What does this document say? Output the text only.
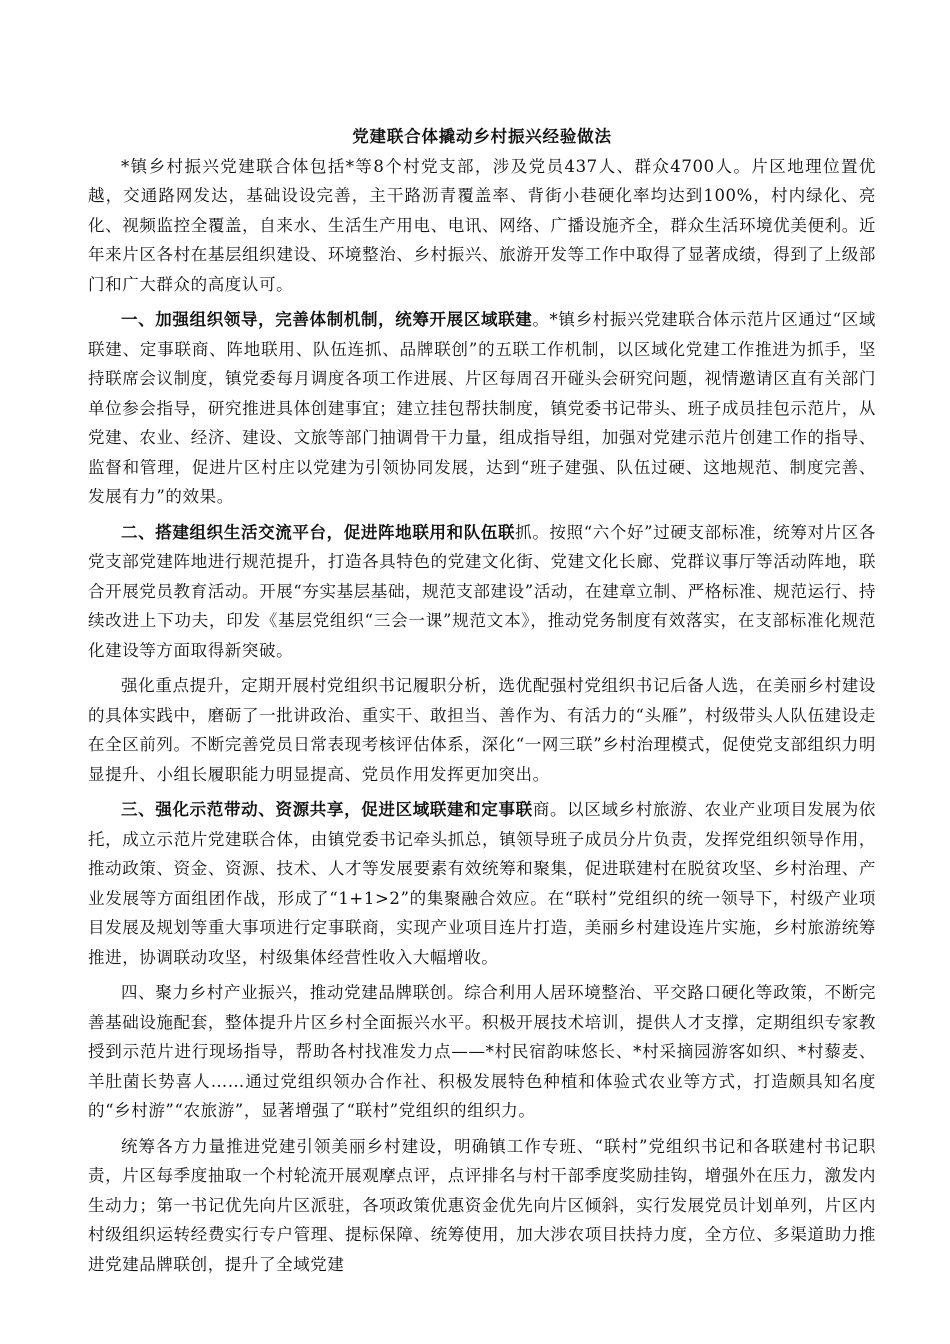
党建联合体撬动乡村振兴经验做法

*镇乡村振兴党建联合体包括*等8个村党支部，涉及党员437人、群众4700人。片区地理位置优越，交通路网发达，基础设设完善，主干路沥青覆盖率、背街小巷硬化率均达到100%，村内绿化、亮化、视频监控全覆盖，自来水、生活生产用电、电讯、网络、广播设施齐全，群众生活环境优美便利。近年来片区各村在基层组织建设、环境整治、乡村振兴、旅游开发等工作中取得了显著成绩，得到了上级部门和广大群众的高度认可。

一、加强组织领导，完善体制机制，统筹开展区域联建。*镇乡村振兴党建联合体示范片区通过“区域联建、定事联商、阵地联用、队伍连抓、品牌联创”的五联工作机制，以区域化党建工作推进为抓手，坚持联席会议制度，镇党委每月调度各项工作进展、片区每周召开碰头会研究问题，视情邀请区直有关部门单位参会指导，研究推进具体创建事宜；建立挂包帮扶制度，镇党委书记带头、班子成员挂包示范片，从党建、农业、经济、建设、文旅等部门抽调骨干力量，组成指导组，加强对党建示范片创建工作的指导、监督和管理，促进片区村庄以党建为引领协同发展，达到“班子建强、队伍过硬、这地规范、制度完善、发展有力”的效果。

二、搭建组织生活交流平台，促进阵地联用和队伍联抓。按照“六个好”过硬支部标准，统筹对片区各党支部党建阵地进行规范提升，打造各具特色的党建文化街、党建文化长廊、党群议事厅等活动阵地，联合开展党员教育活动。开展“夯实基层基础，规范支部建设”活动，在建章立制、严格标准、规范运行、持续改进上下功夫，印发《基层党组织“三会一课”规范文本》，推动党务制度有效落实，在支部标准化规范化建设等方面取得新突破。

强化重点提升，定期开展村党组织书记履职分析，选优配强村党组织书记后备人选，在美丽乡村建设的具体实践中，磨砺了一批讲政治、重实干、敢担当、善作为、有活力的“头雁”，村级带头人队伍建设走在全区前列。不断完善党员日常表现考核评估体系，深化“一网三联”乡村治理模式，促使党支部组织力明显提升、小组长履职能力明显提高、党员作用发挥更加突出。

三、强化示范带动、资源共享，促进区域联建和定事联商。以区域乡村旅游、农业产业项目发展为依托，成立示范片党建联合体，由镇党委书记牵头抓总，镇领导班子成员分片负责，发挥党组织领导作用，推动政策、资金、资源、技术、人才等发展要素有效统筹和聚集，促进联建村在脱贫攻坚、乡村治理、产业发展等方面组团作战，形成了“1+1>2”的集聚融合效应。在“联村”党组织的统一领导下，村级产业项目发展及规划等重大事项进行定事联商，实现产业项目连片打造，美丽乡村建设连片实施，乡村旅游统筹推进，协调联动攻坚，村级集体经营性收入大幅增收。

四、聚力乡村产业振兴，推动党建品牌联创。综合利用人居环境整治、平交路口硬化等政策，不断完善基础设施配套，整体提升片区乡村全面振兴水平。积极开展技术培训，提供人才支撑，定期组织专家教授到示范片进行现场指导，帮助各村找准发力点——*村民宿韵味悠长、*村采摘园游客如织、*村藜麦、羊肚菌长势喜人……通过党组织领办合作社、积极发展特色种植和体验式农业等方式，打造颇具知名度的“乡村游”“农旅游”，显著增强了“联村”党组织的组织力。

统筹各方力量推进党建引领美丽乡村建设，明确镇工作专班、“联村”党组织书记和各联建村书记职责，片区每季度抽取一个村轮流开展观摩点评，点评排名与村干部季度奖励挂钩，增强外在压力，激发内生动力；第一书记优先向片区派驻，各项政策优惠资金优先向片区倾斜，实行发展党员计划单列，片区内村级组织运转经费实行专户管理、提标保障、统筹使用，加大涉农项目扶持力度，全方位、多渠道助力推进党建品牌联创，提升了全域党建
